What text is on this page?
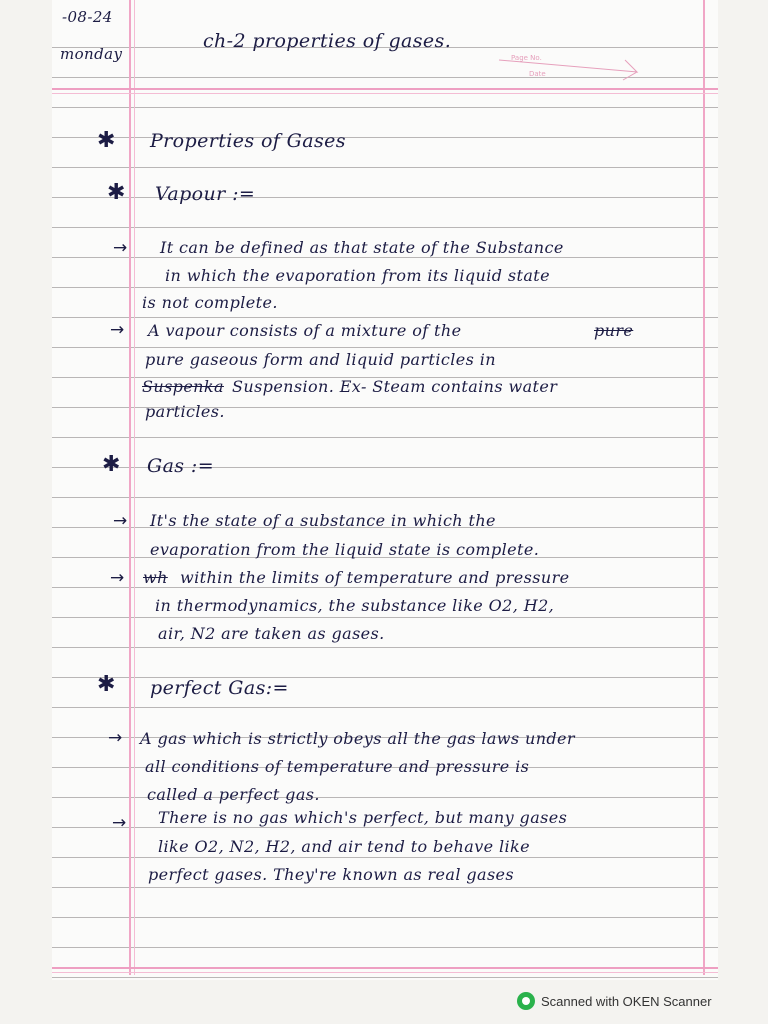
-08-24
monday
ch-2 properties of gases.
Page No.
Date
✱ Properties of Gases
✱ Vapour :=
→ It can be defined as that state of the Substance
in which the evaporation from its liquid state
is not complete.
→ A vapour consists of a mixture of the	pure
pure gaseous form and liquid particles in
Suspenka Suspension. Ex- Steam contains water
particles.
✱ Gas :=
→ It's the state of a substance in which the
evaporation from the liquid state is complete.
→ wh within the limits of temperature and pressure
in thermodynamics, the substance like O2, H2,
air, N2 are taken as gases.
✱ perfect Gas:=
→ A gas which is strictly obeys all the gas laws under
all conditions of temperature and pressure is
called a perfect gas.
→ There is no gas which's perfect, but many gases
like O2, N2, H2, and air tend to behave like
perfect gases. They're known as real gases
Scanned with OKEN Scanner
